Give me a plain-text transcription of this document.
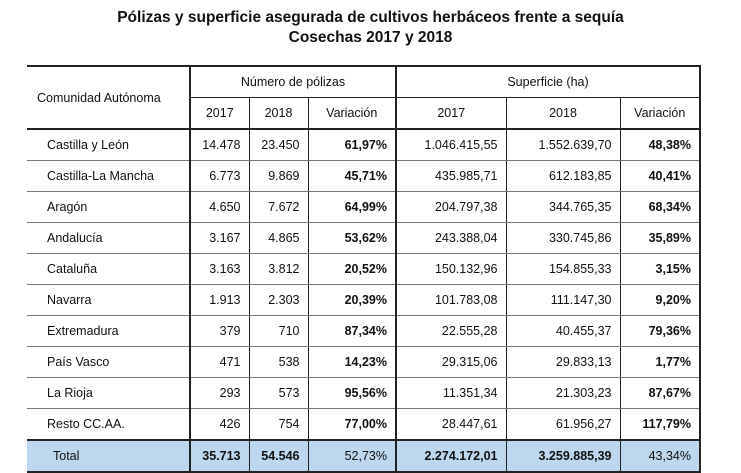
Pólizas y superficie asegurada de cultivos herbáceos frente a sequía
Cosechas 2017 y 2018
Comunidad Autónoma	Número de pólizas			Superficie (ha)		
	2017	2018	Variación	2017	2018	Variación
Castilla y León	14.478	23.450	61,97%	1.046.415,55	1.552.639,70	48,38%
Castilla-La Mancha	6.773	9.869	45,71%	435.985,71	612.183,85	40,41%
Aragón	4.650	7.672	64,99%	204.797,38	344.765,35	68,34%
Andalucía	3.167	4.865	53,62%	243.388,04	330.745,86	35,89%
Cataluña	3.163	3.812	20,52%	150.132,96	154.855,33	3,15%
Navarra	1.913	2.303	20,39%	101.783,08	111.147,30	9,20%
Extremadura	379	710	87,34%	22.555,28	40.455,37	79,36%
País Vasco	471	538	14,23%	29.315,06	29.833,13	1,77%
La Rioja	293	573	95,56%	11.351,34	21.303,23	87,67%
Resto CC.AA.	426	754	77,00%	28.447,61	61.956,27	117,79%
Total	35.713	54.546	52,73%	2.274.172,01	3.259.885,39	43,34%
